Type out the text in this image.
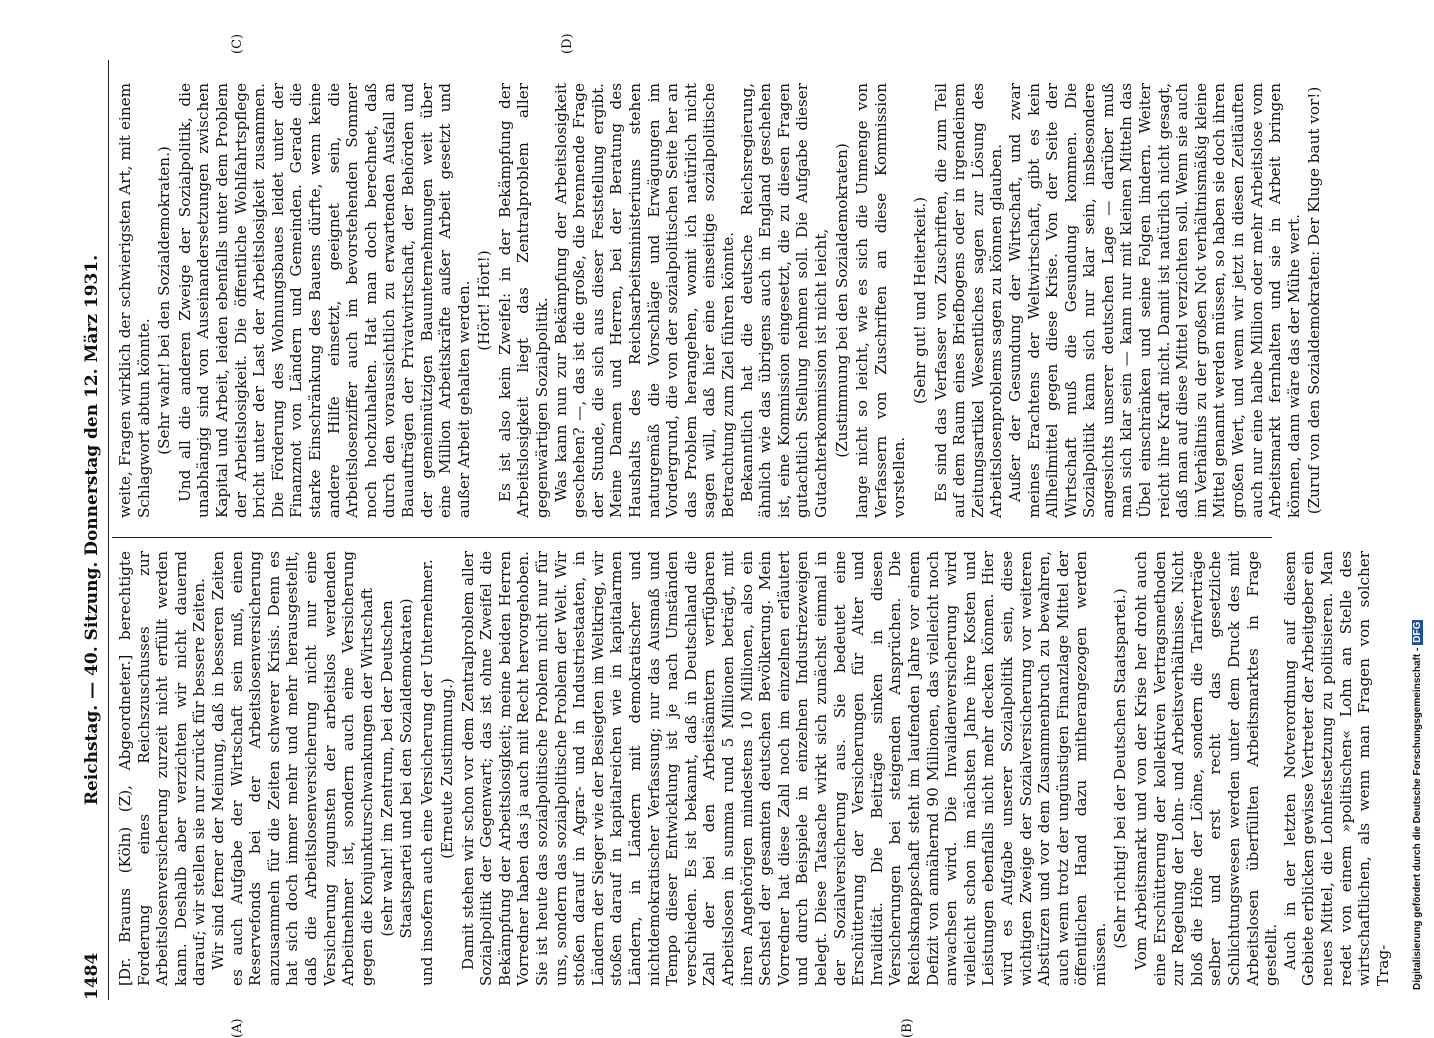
1484
Reichstag. — 40. Sitzung. Donnerstag den 12. März 1931.
(A)	(B)
(C)	(D)

[Dr. Brauns (Köln) (Z), Abgeordneter.] berechtigte Forderung eines Reichszuschusses zur Arbeitslosenversicherung zurzeit nicht erfüllt werden kann. Deshalb aber verzichten wir nicht dauernd darauf; wir stellen sie nur zurück für bessere Zeiten. Wir sind ferner der Meinung, daß in besseren Zeiten es auch Aufgabe der Wirtschaft sein muß, einen Reservefonds bei der Arbeitslosenversicherung anzusammeln für die Zeiten schwerer Krisis. Denn es hat sich doch immer mehr und mehr herausgestellt, daß die Arbeitslosenversicherung nicht nur eine Versicherung zugunsten der arbeitslos werdenden Arbeitnehmer ist, sondern auch eine Versicherung gegen die Konjunkturschwankungen der Wirtschaft (sehr wahr! im Zentrum, bei der Deutschen Staatspartei und bei den Sozialdemokraten) und insofern auch eine Versicherung der Unternehmer. (Erneute Zustimmung.) Damit stehen wir schon vor dem Zentralproblem aller Sozialpolitik der Gegenwart; das ist ohne Zweifel die Bekämpfung der Arbeitslosigkeit; meine beiden Herren Vorredner haben das ja auch mit Recht hervorgehoben. Sie ist heute das sozialpolitische Problem nicht nur für uns, sondern das sozialpolitische Problem der Welt. Wir stoßen darauf in Agrar- und in Industriestaaten, in Ländern der Sieger wie der Besiegten im Weltkrieg, wir stoßen darauf in kapitalreichen wie in kapitalarmen Ländern, in Ländern mit demokratischer und nichtdemokratischer Verfassung; nur das Ausmaß und Tempo dieser Entwicklung ist je nach Umständen verschieden. Es ist bekannt, daß in Deutschland die Zahl der bei den Arbeitsämtern verfügbaren Arbeitslosen in summa rund 5 Millionen beträgt, mit ihren Angehörigen mindestens 10 Millionen, also ein Sechstel der gesamten deutschen Bevölkerung. Mein Vorredner hat diese Zahl noch im einzelnen erläutert und durch Beispiele in einzelnen Industriezweigen belegt. Diese Tatsache wirkt sich zunächst einmal in der Sozialversicherung aus. Sie bedeutet eine Erschütterung der Versicherungen für Alter und Invalidität. Die Beiträge sinken in diesen Versicherungen bei steigenden Ansprüchen. Die Reichsknappschaft steht im laufenden Jahre vor einem Defizit von annähernd 90 Millionen, das vielleicht noch anwachsen wird. Die Invalidenversicherung wird vielleicht schon im nächsten Jahre ihre Kosten und Leistungen ebenfalls nicht mehr decken können. Hier wird es Aufgabe unserer Sozialpolitik sein, diese wichtigen Zweige der Sozialversicherung vor weiteren Abstürzen und vor dem Zusammenbruch zu bewahren, auch wenn trotz der ungünstigen Finanzlage Mittel der öffentlichen Hand dazu mitherangezogen werden müssen.

(Sehr richtig! bei der Deutschen Staatspartei.) Vom Arbeitsmarkt und von der Krise her droht auch eine Erschütterung der kollektiven Vertragsmethoden zur Regelung der Lohn- und Arbeitsverhältnisse. Nicht bloß die Höhe der Löhne, sondern die Tarifverträge selber und erst recht das gesetzliche Schlichtungswesen werden unter dem Druck des mit Arbeitslosen überfüllten Arbeitsmarktes in Frage gestellt. Auch in der letzten Notverordnung auf diesem Gebiete erblicken gewisse Vertreter der Arbeitgeber ein neues Mittel, die Lohnfestsetzung zu politisieren. Man redet von einem »politischen« Lohn an Stelle des wirtschaftlichen, als wenn man Fragen von solcher Trag-

weite, Fragen wirklich der schwierigsten Art, mit einem Schlagwort abtun könnte. (Sehr wahr! bei den Sozialdemokraten.) Und all die anderen Zweige der Sozialpolitik, die unabhängig sind von Auseinandersetzungen zwischen Kapital und Arbeit, leiden ebenfalls unter dem Problem der Arbeitslosigkeit. Die öffentliche Wohlfahrtspflege bricht unter der Last der Arbeitslosigkeit zusammen. Die Förderung des Wohnungsbaues leidet unter der Finanznot von Ländern und Gemeinden. Gerade die starke Einschränkung des Bauens dürfte, wenn keine andere Hilfe einsetzt, geeignet sein, die Arbeitslosenziffer auch im bevorstehenden Sommer noch hochzuhalten. Hat man doch berechnet, daß durch den voraussichtlich zu erwartenden Ausfall an Bauaufträgen der Privatwirtschaft, der Behörden und der gemeinnützigen Bauunternehmungen weit über eine Million Arbeitskräfte außer Arbeit gesetzt und außer Arbeit gehalten werden. (Hört! Hört!) Es ist also kein Zweifel: in der Bekämpfung der Arbeitslosigkeit liegt das Zentralproblem aller gegenwärtigen Sozialpolitik. Was kann nun zur Bekämpfung der Arbeitslosigkeit geschehen? —, das ist die große, die brennende Frage der Stunde, die sich aus dieser Feststellung ergibt. Meine Damen und Herren, bei der Beratung des Haushalts des Reichsarbeitsministeriums stehen naturgemäß die Vorschläge und Erwägungen im Vordergrund, die von der sozialpolitischen Seite her an das Problem herangehen, womit ich natürlich nicht sagen will, daß hier eine einseitige sozialpolitische Betrachtung zum Ziel führen könnte. Bekanntlich hat die deutsche Reichsregierung, ähnlich wie das übrigens auch in England geschehen ist, eine Kommission eingesetzt, die zu diesen Fragen gutachtlich Stellung nehmen soll. Die Aufgabe dieser Gutachterkommission ist nicht leicht, (Zustimmung bei den Sozialdemokraten) lange nicht so leicht, wie es sich die Unmenge von Verfassern von Zuschriften an diese Kommission vorstellen.

(Sehr gut! und Heiterkeit.) Es sind das Verfasser von Zuschriften, die zum Teil auf dem Raum eines Briefbogens oder in irgendeinem Zeitungsartikel Wesentliches sagen zur Lösung des Arbeitslosenproblems sagen zu können glauben. Außer der Gesundung der Wirtschaft, und zwar meines Erachtens der Weltwirtschaft, gibt es kein Allheilmittel gegen diese Krise. Von der Seite der Wirtschaft muß die Gesundung kommen. Die Sozialpolitik kann sich nur klar sein, insbesondere angesichts unserer deutschen Lage — darüber muß man sich klar sein — kann nur mit kleinen Mitteln das Übel einschränken und seine Folgen lindern. Weiter reicht ihre Kraft nicht. Damit ist natürlich nicht gesagt, daß man auf diese Mittel verzichten soll. Wenn sie auch im Verhältnis zu der großen Not verhältnismäßig kleine Mittel genannt werden müssen, so haben sie doch ihren großen Wert, und wenn wir jetzt in diesen Zeitläuften auch nur eine halbe Million oder mehr Arbeitslose vom Arbeitsmarkt fernhalten und sie in Arbeit bringen können, dann wäre das der Mühe wert. (Zuruf von den Sozialdemokraten: Der Kluge baut vor!)

Digitalisierung gefördert durch die Deutsche Forschungsgemeinschaft -DFG
